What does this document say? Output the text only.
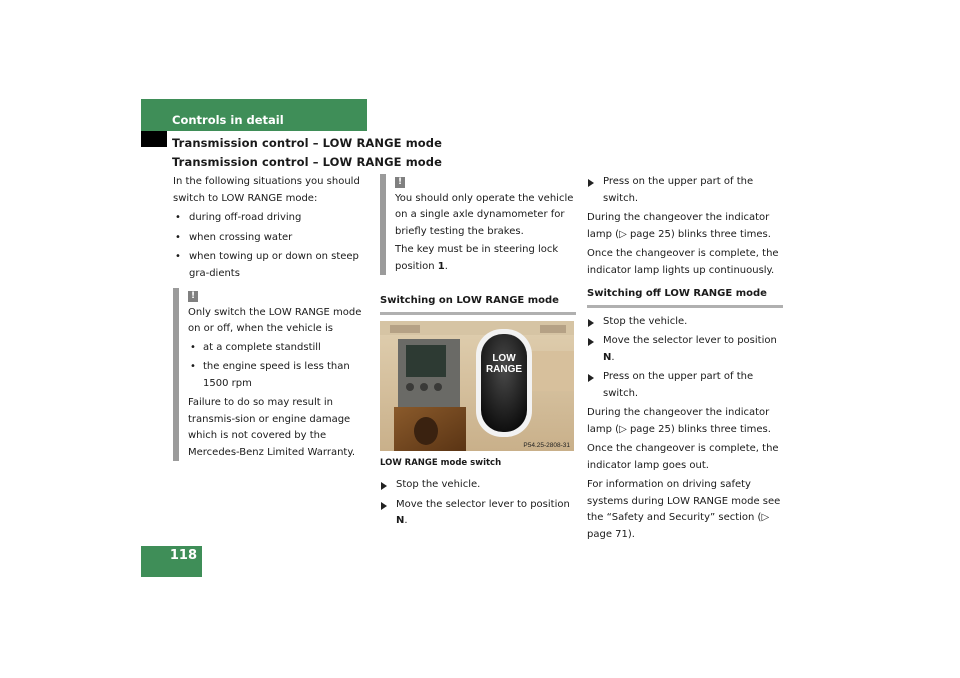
Controls in detail
Transmission control – LOW RANGE mode
Transmission control – LOW RANGE mode

In the following situations you should switch to LOW RANGE mode:

• during off-road driving
• when crossing water
• when towing up or down on steep gra-dients
!

Only switch the LOW RANGE mode on or off, when the vehicle is

• at a complete standstill
• the engine speed is less than 1500 rpm

Failure to do so may result in transmis-sion or engine damage which is not covered by the Mercedes-Benz Limited Warranty.

!

You should only operate the vehicle on a single axle dynamometer for briefly testing the brakes.

The key must be in steering lock position 1.

Switching on LOW RANGE mode
LOW
RANGE
P54.25-2808-31
LOW RANGE mode switch
Stop the vehicle.
Move the selector lever to position N.
Press on the upper part of the switch.

During the changeover the indicator lamp (▷ page 25) blinks three times.

Once the changeover is complete, the indicator lamp lights up continuously.

Switching off LOW RANGE mode
Stop the vehicle.
Move the selector lever to position N.
Press on the upper part of the switch.

During the changeover the indicator lamp (▷ page 25) blinks three times.

Once the changeover is complete, the indicator lamp goes out.

For information on driving safety systems during LOW RANGE mode see the “Safety and Security” section (▷ page 71).

118
